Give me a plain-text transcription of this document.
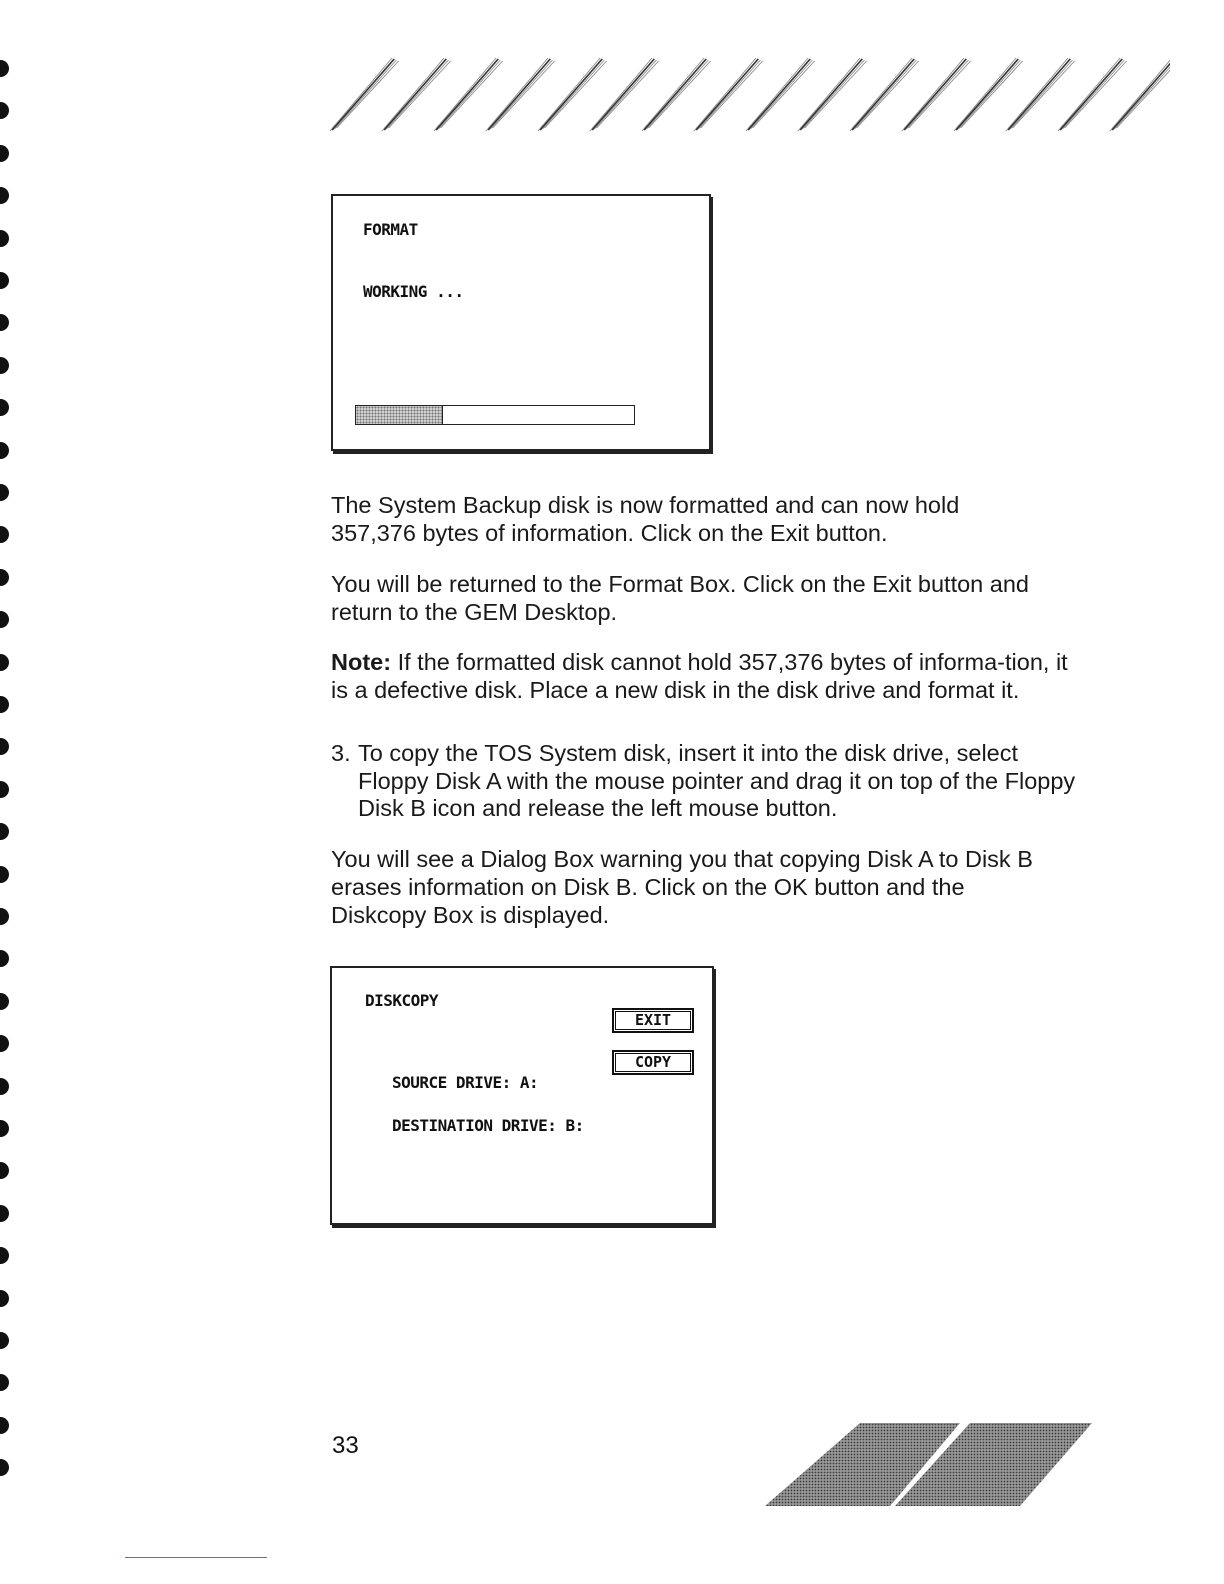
FORMAT
WORKING ...

The System Backup disk is now formatted and can now hold 357,376 bytes of information. Click on the Exit button.

You will be returned to the Format Box. Click on the Exit button and return to the GEM Desktop.

Note: If the formatted disk cannot hold 357,376 bytes of informa-tion, it is a defective disk. Place a new disk in the disk drive and format it.

3. To copy the TOS System disk, insert it into the disk drive, select Floppy Disk A with the mouse pointer and drag it on top of the Floppy Disk B icon and release the left mouse button.

You will see a Dialog Box warning you that copying Disk A to Disk B erases information on Disk B. Click on the OK button and the Diskcopy Box is displayed.

DISKCOPY
EXIT
COPY
SOURCE DRIVE: A:
DESTINATION DRIVE: B:
33
